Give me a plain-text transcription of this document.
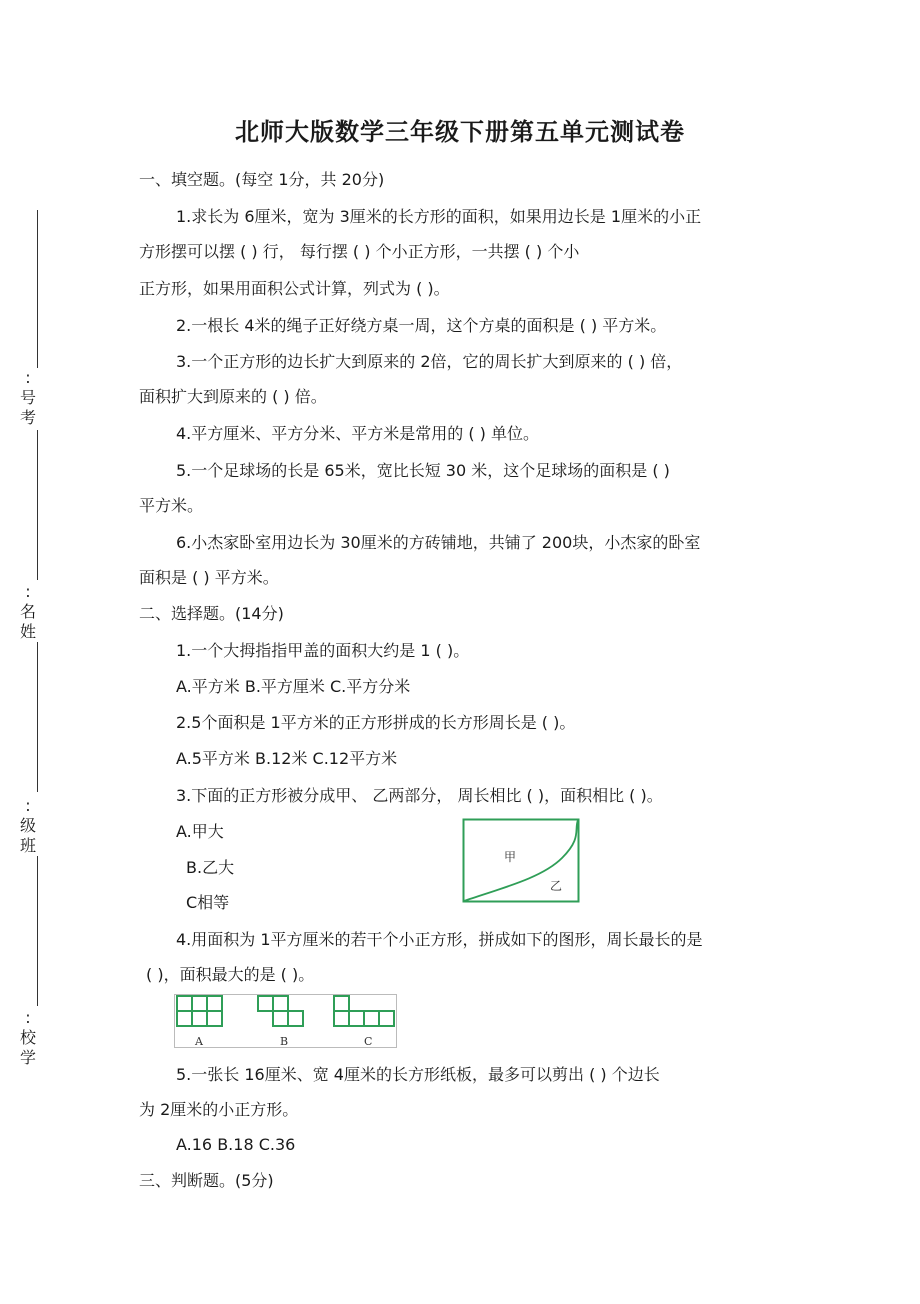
北师大版数学三年级下册第五单元测试卷
:
号
考
:
名
姓
:
级
班
:
校
学
一、填空题。(每空 1分，共 20分)
1.求长为 6厘米，宽为 3厘米的长方形的面积，如果用边长是 1厘米的小正
方形摆可以摆 ( ) 行， 每行摆 ( ) 个小正方形，一共摆 ( ) 个小
正方形，如果用面积公式计算，列式为 ( )。
2.一根长 4米的绳子正好绕方桌一周，这个方桌的面积是 ( ) 平方米。
3.一个正方形的边长扩大到原来的 2倍，它的周长扩大到原来的 ( ) 倍，
面积扩大到原来的 ( ) 倍。
4.平方厘米、平方分米、平方米是常用的 ( ) 单位。
5.一个足球场的长是 65米，宽比长短 30 米，这个足球场的面积是 ( )
平方米。
6.小杰家卧室用边长为 30厘米的方砖铺地，共铺了 200块，小杰家的卧室
面积是 ( ) 平方米。
二、选择题。(14分)
1.一个大拇指指甲盖的面积大约是 1 ( )。
A.平方米 B.平方厘米 C.平方分米
2.5个面积是 1平方米的正方形拼成的长方形周长是 ( )。
A.5平方米 B.12米 C.12平方米
3.下面的正方形被分成甲、 乙两部分， 周长相比 ( )，面积相比 ( )。
A.甲大
B.乙大
C相等
4.用面积为 1平方厘米的若干个小正方形，拼成如下的图形，周长最长的是
( )，面积最大的是 ( )。
5.一张长 16厘米、宽 4厘米的长方形纸板，最多可以剪出 ( ) 个边长
为 2厘米的小正方形。
A.16 B.18 C.36
三、判断题。(5分)
甲
乙
A	B	C
